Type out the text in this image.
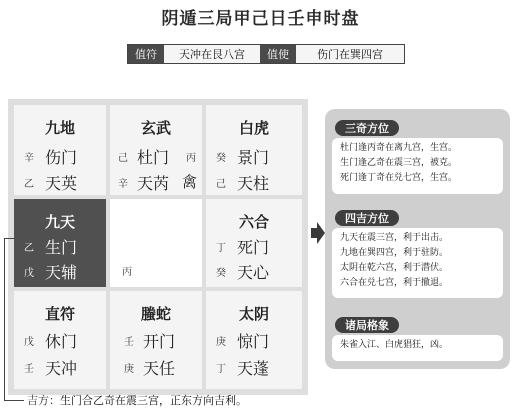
阴遁三局甲己日壬申时盘
值符	天冲在艮八宫	值使	伤门在巽四宫
九地
辛 伤门
乙 天英
玄武
己 杜门 丙
辛 天芮 禽
白虎
癸 景门
己 天柱
九天
乙 生门
戊 天辅	丙
六合
丁 死门
癸 天心
直符
戊 休门
壬 天冲
螣蛇
壬 开门
庚 天任
太阴
庚 惊门
丁 天蓬
吉方：生门合乙奇在震三宫，正东方向吉利。
三奇方位
杜门逢丙奇在离九宫，生宫。
生门逢乙奇在震三宫，被克。
死门逢丁奇在兑七宫，生宫。
四吉方位
九天在震三宫，利于出击。
九地在巽四宫，利于驻防。
太阴在乾六宫，利于潜伏。
六合在兑七宫，利于撤退。
诸局格象
朱雀入江、白虎猖狂，凶。
